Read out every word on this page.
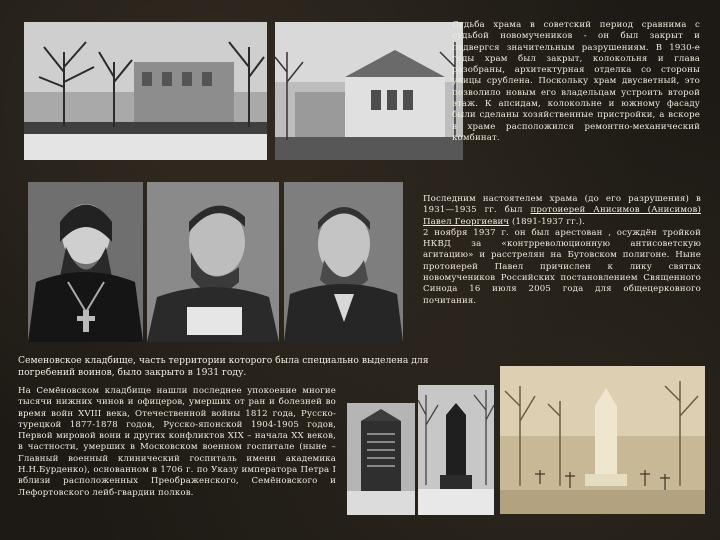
Судьба храма в советский период сравнима с судьбой новомучеников - он был закрыт и подвергся значительным разрушениям. В 1930-е годы храм был закрыт, колокольня и глава разобраны, архитектурная отделка со стороны улицы срублена. Поскольку храм двусветный, это позволило новым его владельцам устроить второй этаж. К апсидам, колокольне и южному фасаду были сделаны хозяйственные пристройки, а вскоре в храме расположился ремонтно-механический комбинат.

Последним настоятелем храма (до его разрушения) в 1931—1935 гг. был протоиерей Анисимов (Анисимов) Павел Георгиевич (1891-1937 гг.).

2 ноября 1937 г. он был арестован , осуждён тройкой НКВД за «контрреволюционную антисоветскую агитацию» и расстрелян на Бутовском полигоне. Ныне протоиерей Павел причислен к лику святых новомучеников Российских постановлением Священного Синода 16 июля 2005 года для общецерковного почитания.

Семеновское кладбище, часть территории которого была специально выделена для погребений воинов, было закрыто в 1931 году.

На Семёновском кладбище нашли последнее упокоение многие тысячи нижних чинов и офицеров, умерших от ран и болезней во время войн XVIII века, Отечественной войны 1812 года, Русско-турецкой 1877-1878 годов, Русско-японской 1904-1905 годов, Первой мировой вони и других конфликтов XIX – начала XX веков, в частности, умерших в Московском военном госпитале (ныне – Главный военный клинический госпиталь имени академика Н.Н.Бурденко), основанном в 1706 г. по Указу императора Петра I вблизи расположенных Преображенского, Семёновского и Лефортовского лейб-гвардии полков.
